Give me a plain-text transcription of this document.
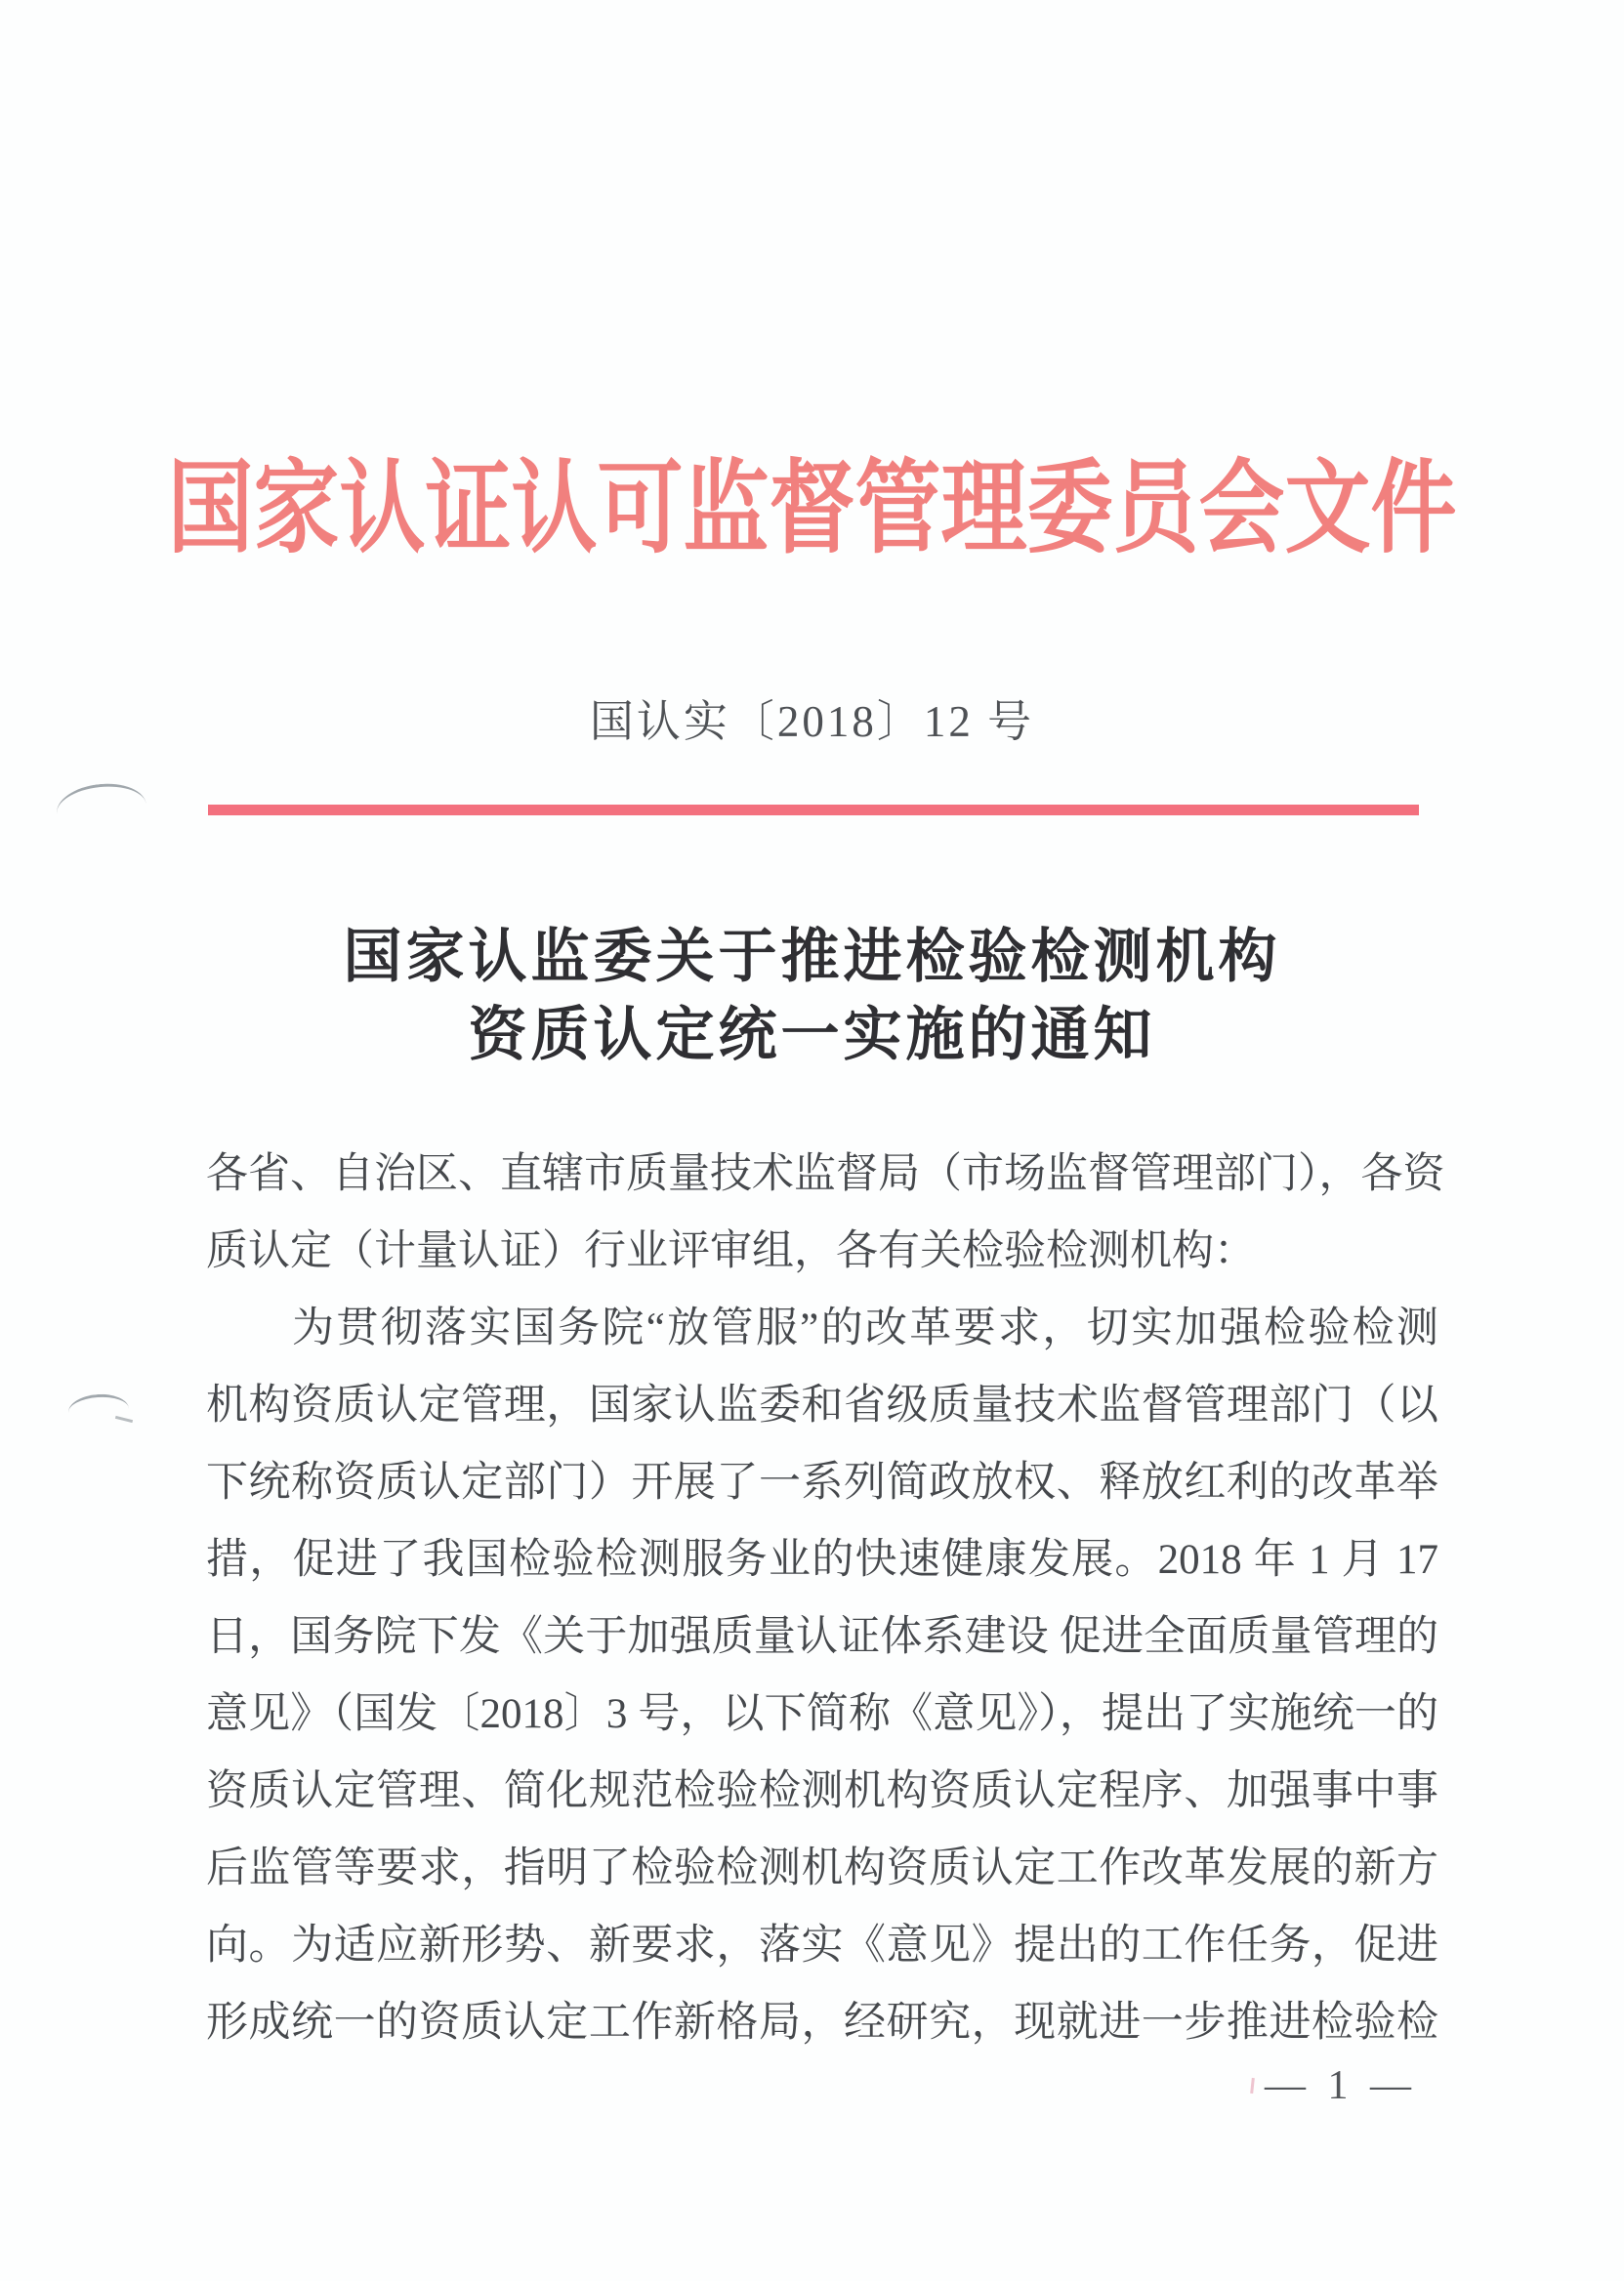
国家认证认可监督管理委员会文件
国认实〔2018〕12 号
国家认监委关于推进检验检测机构
资质认定统一实施的通知
各省、自治区、直辖市质量技术监督局（市场监督管理部门），各资
质认定（计量认证）行业评审组，各有关检验检测机构：
为贯彻落实国务院“放管服”的改革要求，切实加强检验检测
机构资质认定管理，国家认监委和省级质量技术监督管理部门（以
下统称资质认定部门）开展了一系列简政放权、释放红利的改革举
措，促进了我国检验检测服务业的快速健康发展。2018 年 1 月 17
日，国务院下发《关于加强质量认证体系建设 促进全面质量管理的
意见》（国发〔2018〕3 号，以下简称《意见》），提出了实施统一的
资质认定管理、简化规范检验检测机构资质认定程序、加强事中事
后监管等要求，指明了检验检测机构资质认定工作改革发展的新方
向。为适应新形势、新要求，落实《意见》提出的工作任务，促进
形成统一的资质认定工作新格局，经研究，现就进一步推进检验检
— 1 —
